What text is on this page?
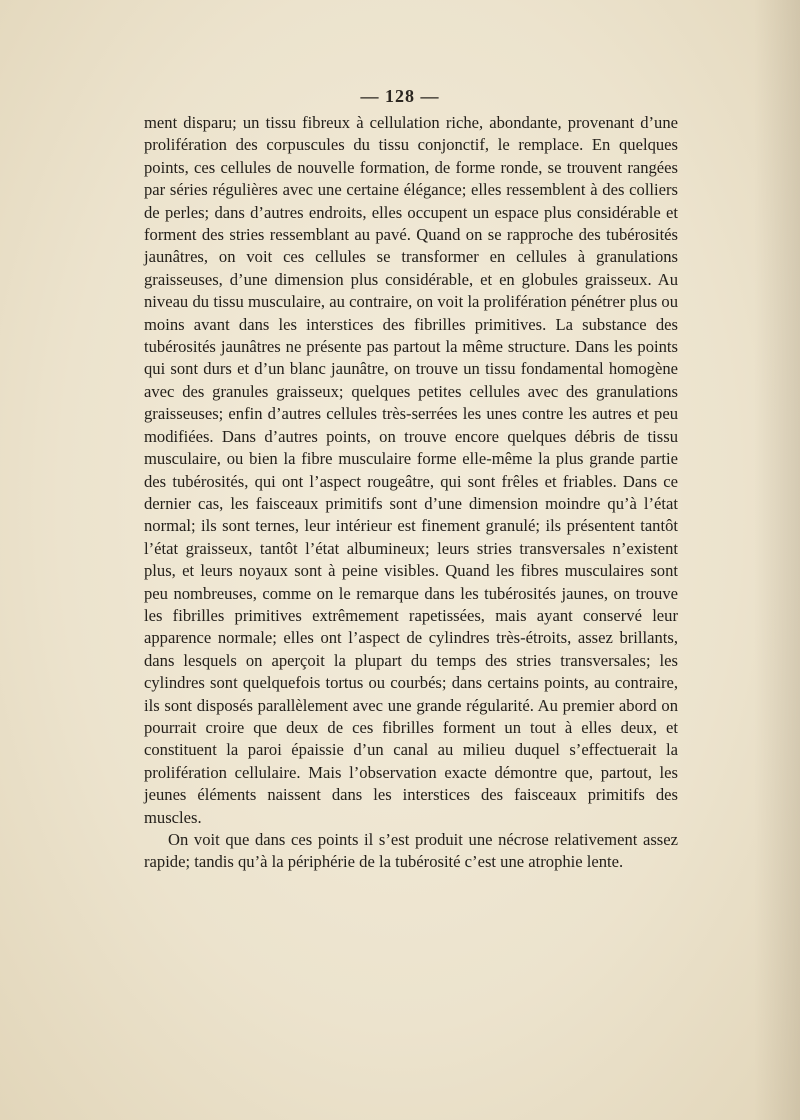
— 128 —

ment disparu; un tissu fibreux à cellulation riche, abondante, provenant d’une prolifération des corpuscules du tissu conjonctif, le remplace. En quelques points, ces cellules de nouvelle formation, de forme ronde, se trouvent rangées par séries régulières avec une certaine élégance; elles ressemblent à des colliers de perles; dans d’autres endroits, elles occupent un espace plus considérable et forment des stries ressemblant au pavé. Quand on se rapproche des tubérosités jaunâtres, on voit ces cellules se transformer en cellules à granulations graisseuses, d’une dimension plus considérable, et en globules graisseux. Au niveau du tissu musculaire, au contraire, on voit la prolifération pénétrer plus ou moins avant dans les interstices des fibrilles primitives. La substance des tubérosités jaunâtres ne présente pas partout la même structure. Dans les points qui sont durs et d’un blanc jaunâtre, on trouve un tissu fondamental homogène avec des granules graisseux; quelques petites cellules avec des granulations graisseuses; enfin d’autres cellules très-serrées les unes contre les autres et peu modifiées. Dans d’autres points, on trouve encore quelques débris de tissu musculaire, ou bien la fibre musculaire forme elle-même la plus grande partie des tubérosités, qui ont l’aspect rougeâtre, qui sont frêles et friables. Dans ce dernier cas, les faisceaux primitifs sont d’une dimension moindre qu’à l’état normal; ils sont ternes, leur intérieur est finement granulé; ils présentent tantôt l’état graisseux, tantôt l’état albumineux; leurs stries transversales n’existent plus, et leurs noyaux sont à peine visibles. Quand les fibres musculaires sont peu nombreuses, comme on le remarque dans les tubérosités jaunes, on trouve les fibrilles primitives extrêmement rapetissées, mais ayant conservé leur apparence normale; elles ont l’aspect de cylindres très-étroits, assez brillants, dans lesquels on aperçoit la plupart du temps des stries transversales; les cylindres sont quelquefois tortus ou courbés; dans certains points, au contraire, ils sont disposés parallèlement avec une grande régularité. Au premier abord on pourrait croire que deux de ces fibrilles forment un tout à elles deux, et constituent la paroi épaissie d’un canal au milieu duquel s’effectuerait la prolifération cellulaire. Mais l’observation exacte démontre que, partout, les jeunes éléments naissent dans les interstices des faisceaux primitifs des muscles.

On voit que dans ces points il s’est produit une nécrose relativement assez rapide; tandis qu’à la périphérie de la tubérosité c’est une atrophie lente.
